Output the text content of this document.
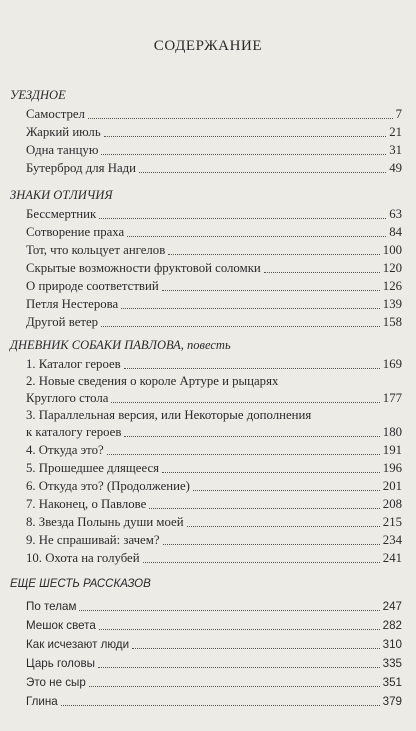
СОДЕРЖАНИЕ
УЕЗДНОЕ
Самострел	7
Жаркий июль	21
Одна танцую	31
Бутерброд для Нади	49
ЗНАКИ ОТЛИЧИЯ
Бессмертник	63
Сотворение праха	84
Тот, что кольцует ангелов	100
Скрытые возможности фруктовой соломки	120
О природе соответствий	126
Петля Нестерова	139
Другой ветер	158
ДНЕВНИК СОБАКИ ПАВЛОВА, повесть
1. Каталог героев	169
2. Новые сведения о короле Артуре и рыцарях
Круглого стола	177
3. Параллельная версия, или Некоторые дополнения
к каталогу героев	180
4. Откуда это?	191
5. Прошедшее длящееся	196
6. Откуда это? (Продолжение)	201
7. Наконец, о Павлове	208
8. Звезда Полынь души моей	215
9. Не спрашивай: зачем?	234
10. Охота на голубей	241
ЕЩЕ ШЕСТЬ РАССКАЗОВ
По телам	247
Мешок света	282
Как исчезают люди	310
Царь головы	335
Это не сыр	351
Глина	379
